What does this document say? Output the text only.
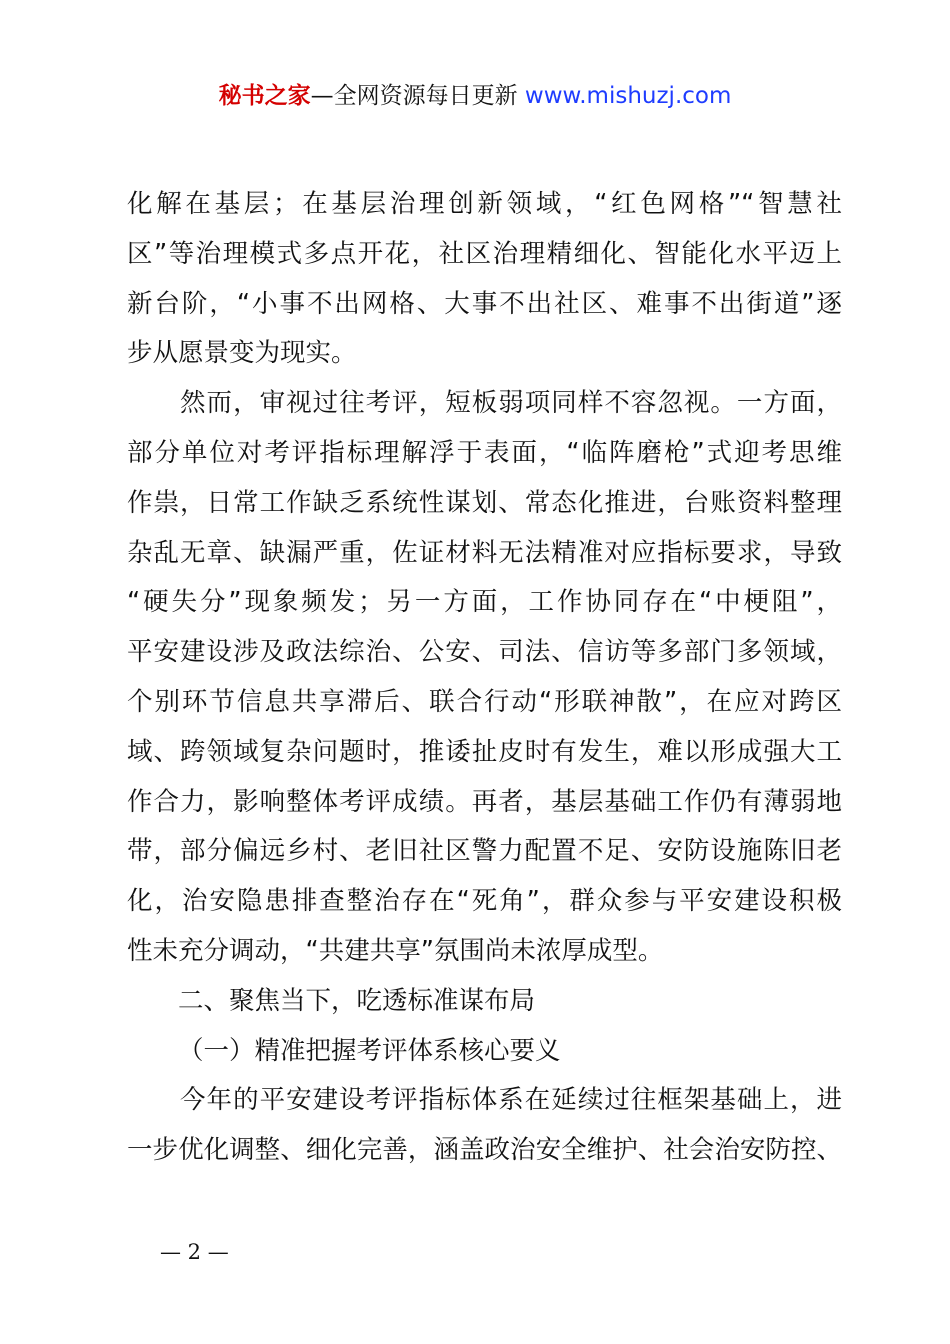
秘书之家—全网资源每日更新 www.mishuzj.com
化解在基层；在基层治理创新领域，“红色网格”“智慧社
区”等治理模式多点开花，社区治理精细化、智能化水平迈上
新台阶，“小事不出网格、大事不出社区、难事不出街道”逐
步从愿景变为现实。
　　然而，审视过往考评，短板弱项同样不容忽视。一方面，
部分单位对考评指标理解浮于表面，“临阵磨枪”式迎考思维
作祟，日常工作缺乏系统性谋划、常态化推进，台账资料整理
杂乱无章、缺漏严重，佐证材料无法精准对应指标要求，导致
“硬失分”现象频发；另一方面，工作协同存在“中梗阻”，
平安建设涉及政法综治、公安、司法、信访等多部门多领域，
个别环节信息共享滞后、联合行动“形联神散”，在应对跨区
域、跨领域复杂问题时，推诿扯皮时有发生，难以形成强大工
作合力，影响整体考评成绩。再者，基层基础工作仍有薄弱地
带，部分偏远乡村、老旧社区警力配置不足、安防设施陈旧老
化，治安隐患排查整治存在“死角”，群众参与平安建设积极
性未充分调动，“共建共享”氛围尚未浓厚成型。
二、聚焦当下，吃透标准谋布局
（一）精准把握考评体系核心要义
　　今年的平安建设考评指标体系在延续过往框架基础上，进
一步优化调整、细化完善，涵盖政治安全维护、社会治安防控、
— 2 —
